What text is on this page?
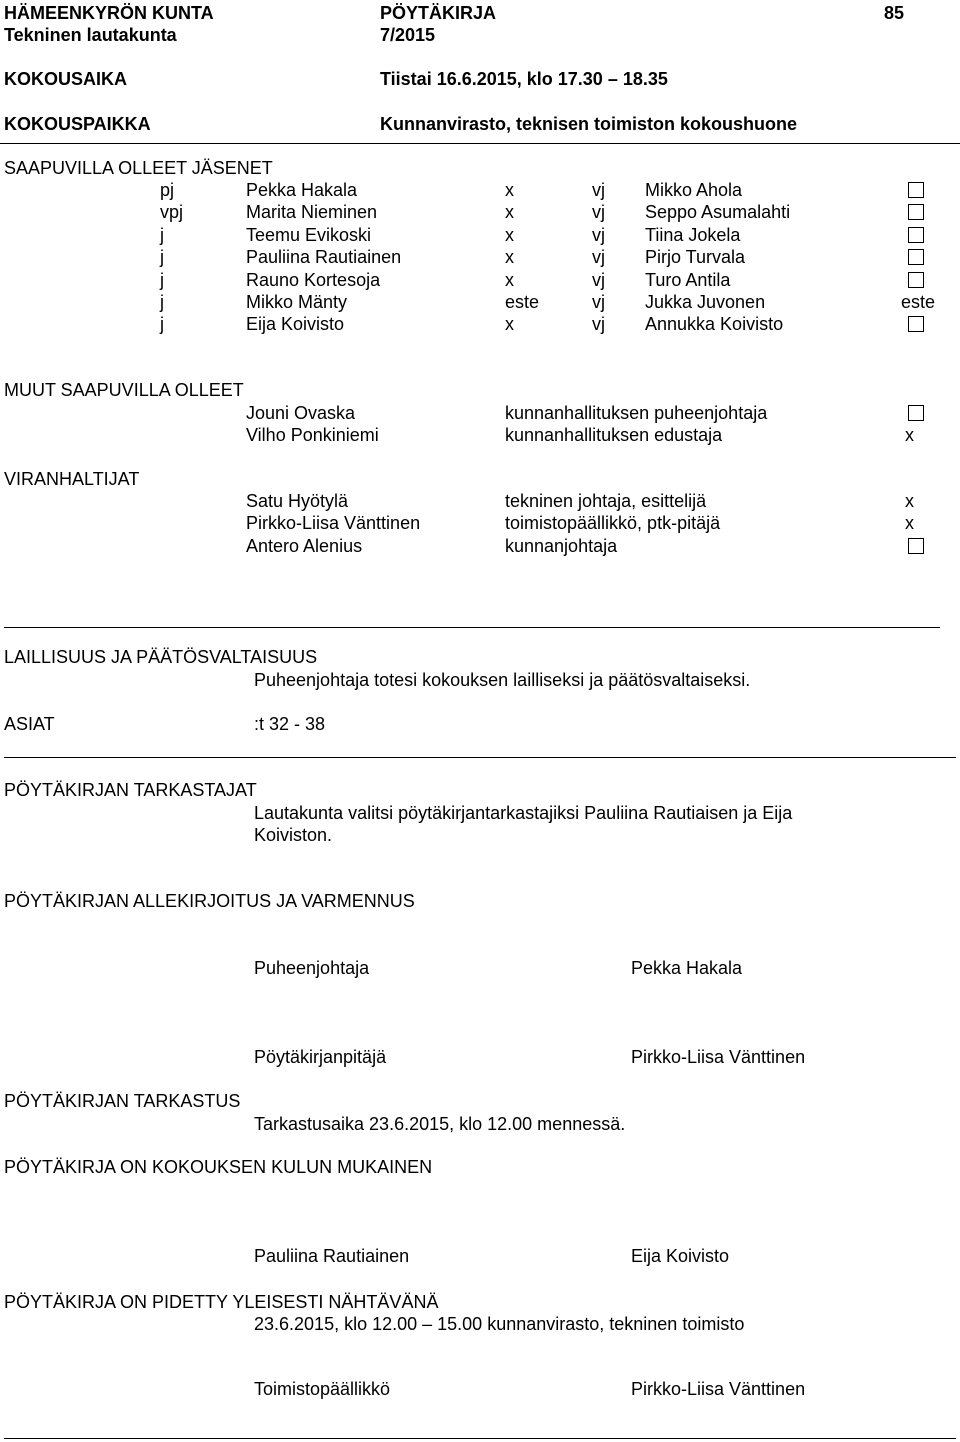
HÄMEENKYRÖN KUNTA
Tekninen lautakunta
PÖYTÄKIRJA
7/2015
85
KOKOUSAIKA	Tiistai 16.6.2015, klo 17.30 – 18.35
KOKOUSPAIKKA	Kunnanvirasto, teknisen toimiston kokoushuone
SAAPUVILLA OLLEET JÄSENET
pj	Pekka Hakala	x	vj Mikko Ahola
vpj	Marita Nieminen	x	vj Seppo Asumalahti
j	Teemu Evikoski	x	vj Tiina Jokela
j	Pauliina Rautiainen	x	vj Pirjo Turvala
j	Rauno Kortesoja	x	vj Turo Antila
j	Mikko Mänty	este	vj Jukka Juvonen	este
j	Eija Koivisto	x	vj Annukka Koivisto
MUUT SAAPUVILLA OLLEET
Jouni Ovaska	kunnanhallituksen puheenjohtaja
Vilho Ponkiniemi	kunnanhallituksen edustaja	x
VIRANHALTIJAT
Satu Hyötylä	tekninen johtaja, esittelijä	x
Pirkko-Liisa Vänttinen	toimistopäällikkö, ptk-pitäjä	x
Antero Alenius	kunnanjohtaja
LAILLISUUS JA PÄÄTÖSVALTAISUUS
Puheenjohtaja totesi kokouksen lailliseksi ja päätösvaltaiseksi.
ASIAT	:t 32 - 38
PÖYTÄKIRJAN TARKASTAJAT
Lautakunta valitsi pöytäkirjantarkastajiksi Pauliina Rautiaisen ja Eija
Koiviston.
PÖYTÄKIRJAN ALLEKIRJOITUS JA VARMENNUS
Puheenjohtaja	Pekka Hakala
Pöytäkirjanpitäjä	Pirkko-Liisa Vänttinen
PÖYTÄKIRJAN TARKASTUS
Tarkastusaika 23.6.2015, klo 12.00 mennessä.
PÖYTÄKIRJA ON KOKOUKSEN KULUN MUKAINEN
Pauliina Rautiainen	Eija Koivisto
PÖYTÄKIRJA ON PIDETTY YLEISESTI NÄHTÄVÄNÄ
23.6.2015, klo 12.00 – 15.00 kunnanvirasto, tekninen toimisto
Toimistopäällikkö	Pirkko-Liisa Vänttinen
